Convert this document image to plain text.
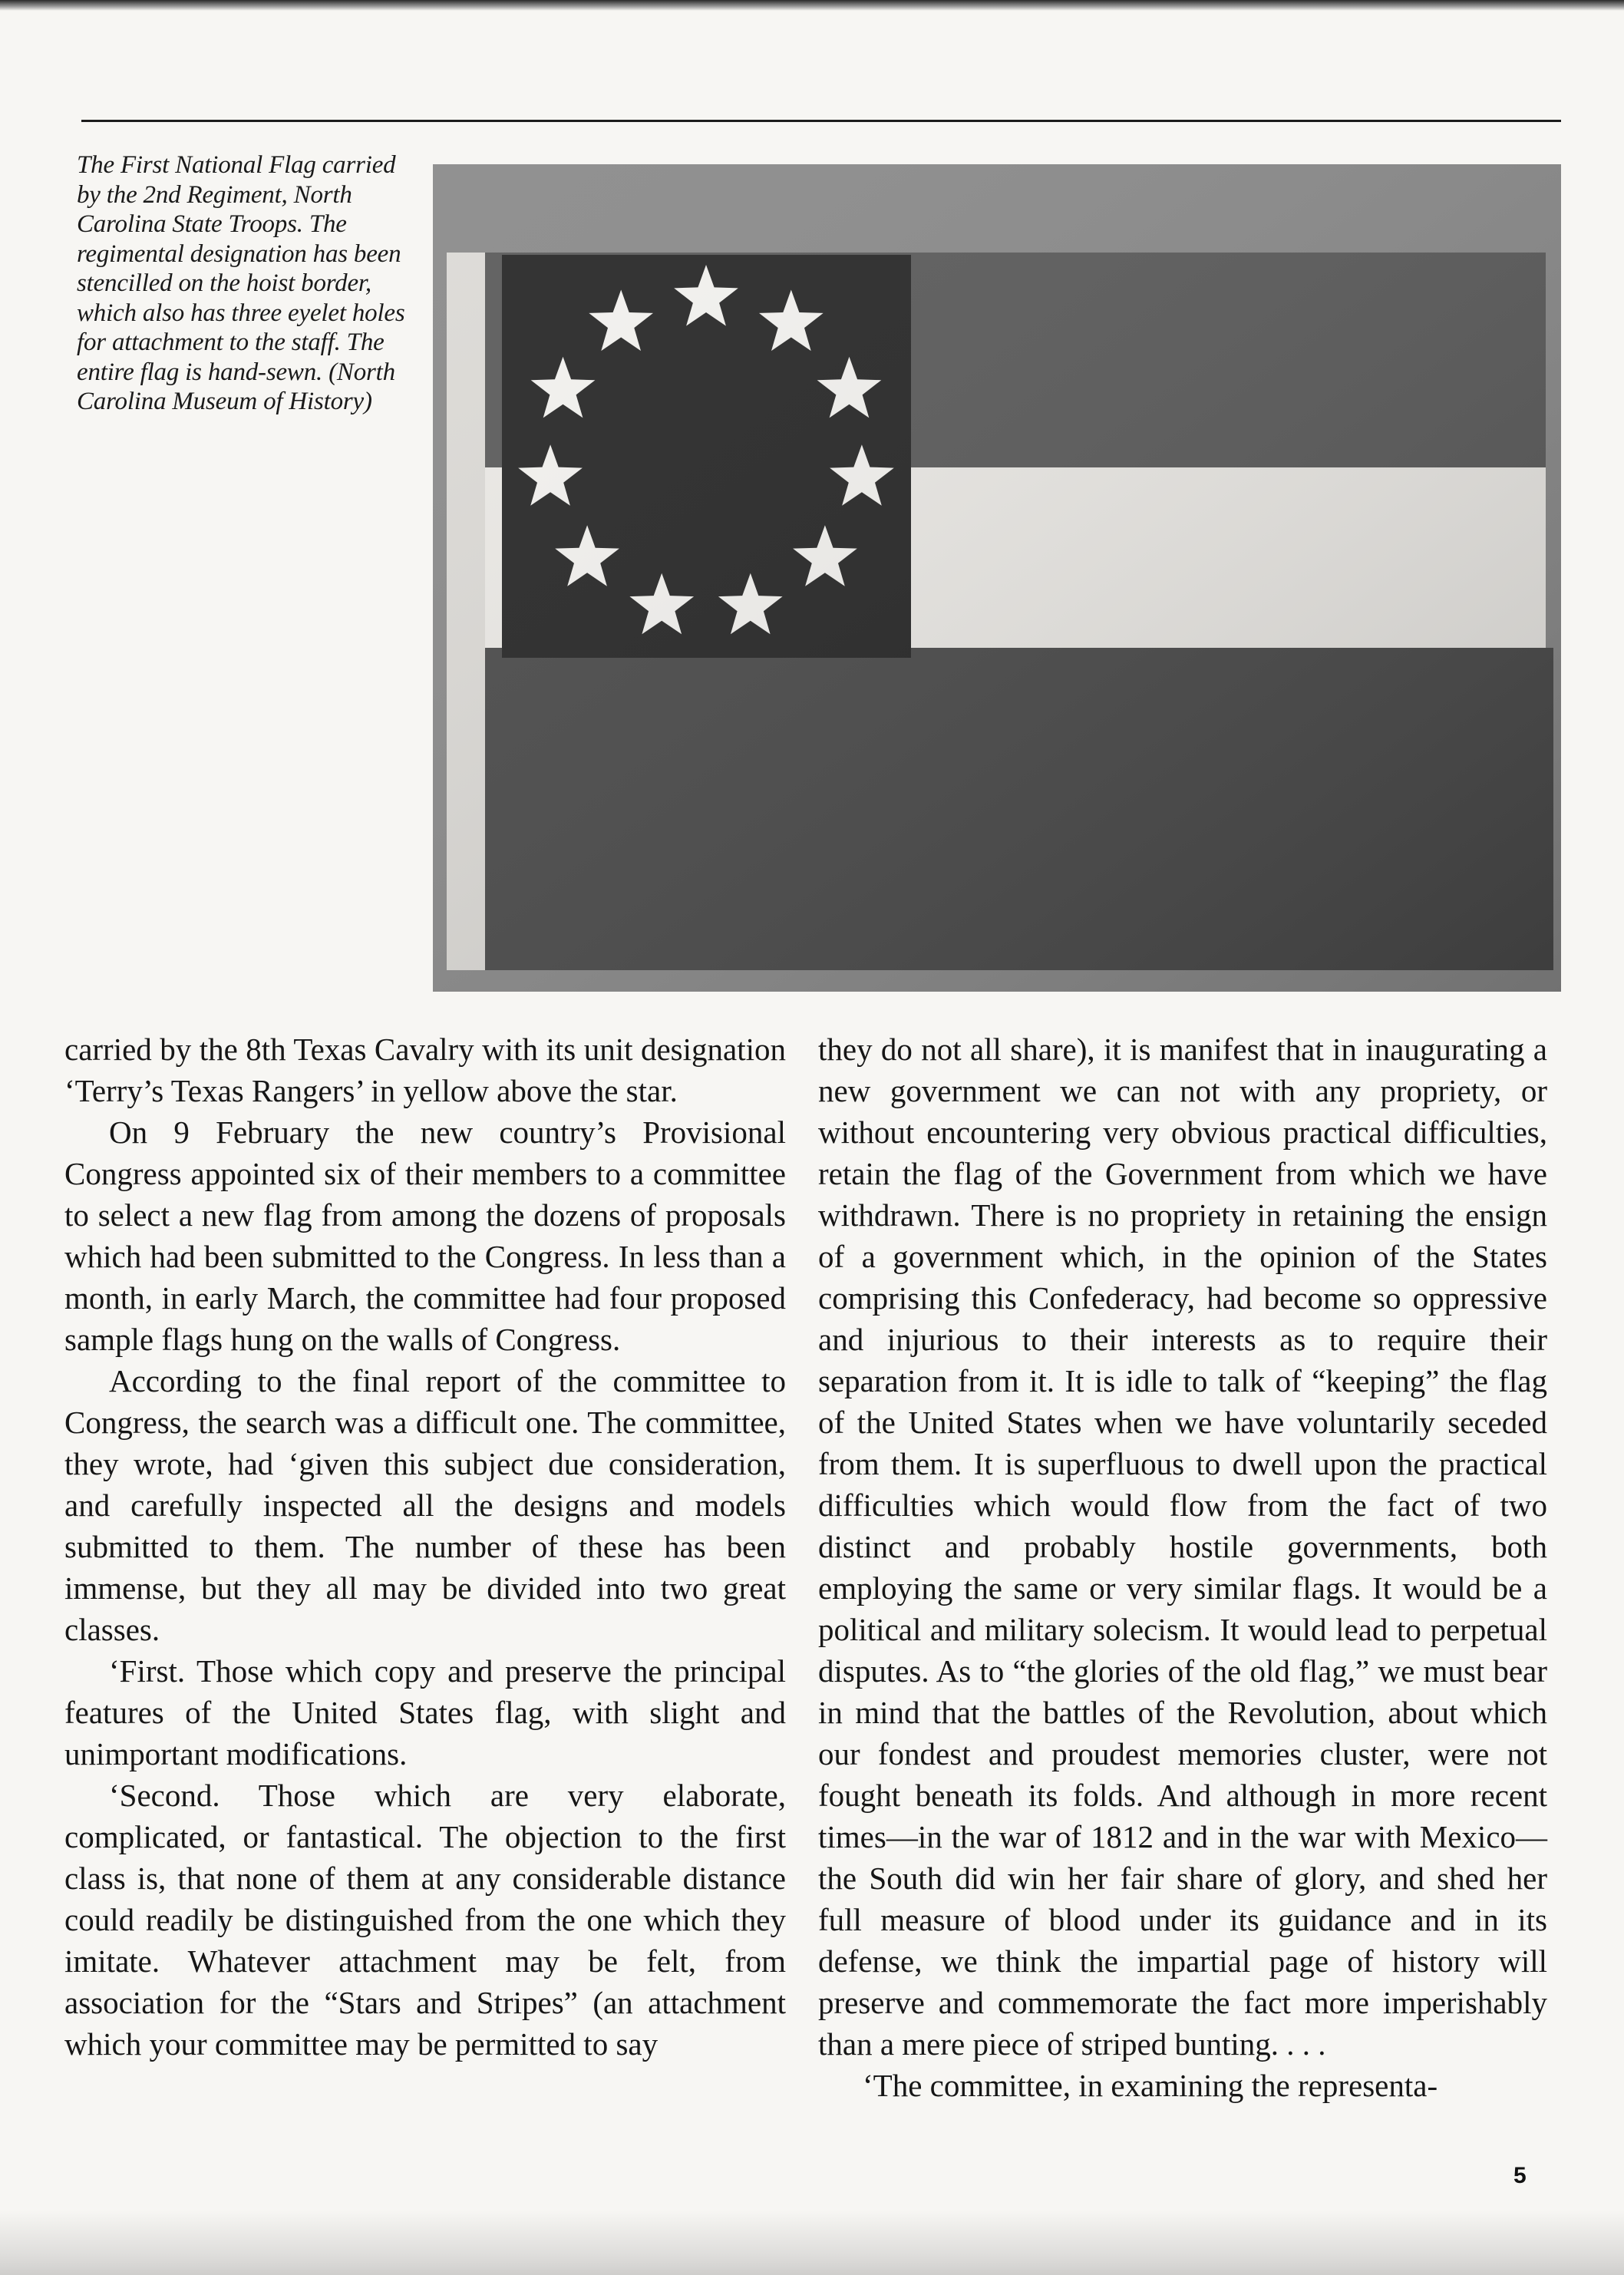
The First National Flag carried by the 2nd Regiment, North Carolina State Troops. The regimental designation has been stencilled on the hoist border, which also has three eyelet holes for attachment to the staff. The entire flag is hand-sewn. (North Carolina Museum of History)

carried by the 8th Texas Cavalry with its unit designation ‘Terry’s Texas Rangers’ in yellow above the star.

On 9 February the new country’s Provisional Congress appointed six of their members to a committee to select a new flag from among the dozens of proposals which had been submitted to the Congress. In less than a month, in early March, the committee had four proposed sample flags hung on the walls of Congress.

According to the final report of the committee to Congress, the search was a difficult one. The committee, they wrote, had ‘given this subject due consideration, and carefully inspected all the designs and models submitted to them. The number of these has been immense, but they all may be divided into two great classes.

‘First. Those which copy and preserve the principal features of the United States flag, with slight and unimportant modifications.

‘Second. Those which are very elaborate, complicated, or fantastical. The objection to the first class is, that none of them at any considerable distance could readily be distinguished from the one which they imitate. Whatever attachment may be felt, from association for the “Stars and Stripes” (an attachment which your committee may be permitted to say

they do not all share), it is manifest that in inaugurating a new government we can not with any propriety, or without encountering very obvious practical difficulties, retain the flag of the Government from which we have withdrawn. There is no propriety in retaining the ensign of a government which, in the opinion of the States comprising this Confederacy, had become so oppressive and injurious to their interests as to require their separation from it. It is idle to talk of “keeping” the flag of the United States when we have voluntarily seceded from them. It is superfluous to dwell upon the practical difficulties which would flow from the fact of two distinct and probably hostile governments, both employing the same or very similar flags. It would be a political and military solecism. It would lead to perpetual disputes. As to “the glories of the old flag,” we must bear in mind that the battles of the Revolution, about which our fondest and proudest memories cluster, were not fought beneath its folds. And although in more recent times—in the war of 1812 and in the war with Mexico—the South did win her fair share of glory, and shed her full measure of blood under its guidance and in its defense, we think the impartial page of history will preserve and commemorate the fact more imperishably than a mere piece of striped bunting. . . .

‘The committee, in examining the representa-

5
